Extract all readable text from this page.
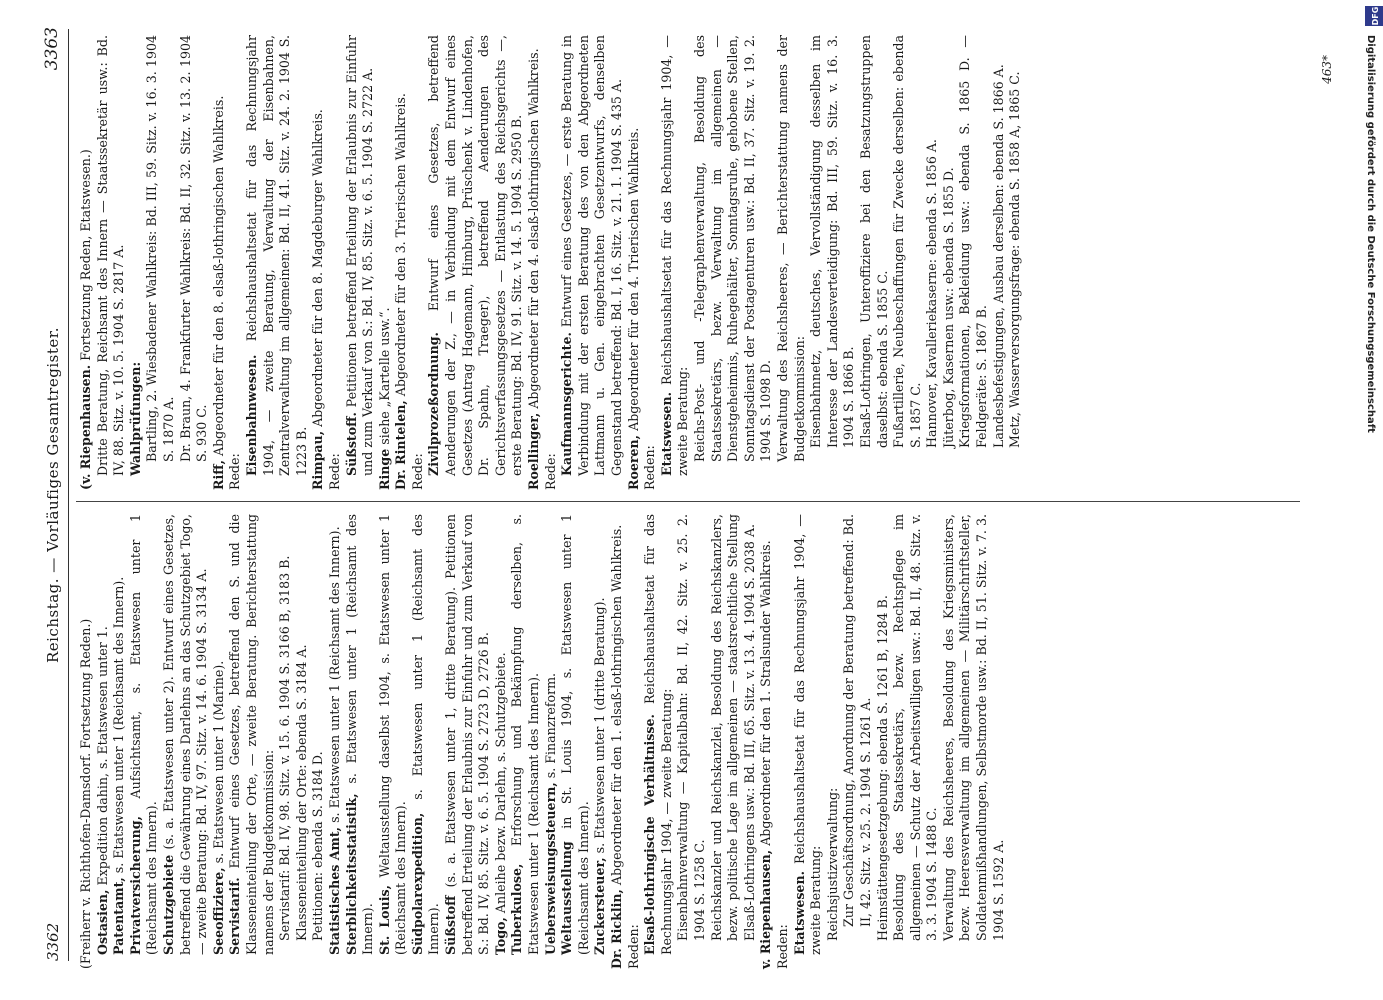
3362
Reichstag. — Vorläufiges Gesamtregister.
3363

(Freiherr v. Richthofen-Damsdorf. Fortsetzung Reden.) Ostasien, Expedition dahin, s. Etatswesen unter 1.

Patentamt, s. Etatswesen unter 1 (Reichsamt des Innern).

Privatversicherung, Aufsichtsamt, s. Etatswesen unter 1 (Reichsamt des Innern). Schutzgebiete (s. a. Etatswesen unter 2). Entwurf eines Gesetzes, betreffend die Gewährung eines Darlehns an das Schutzgebiet Togo, — zweite Beratung: Bd. IV, 97. Sitz. v. 14. 6. 1904 S. 3134 A. Seeoffiziere, s. Etatswesen unter 1 (Marine).

Servistarif. Entwurf eines Gesetzes, betreffend den S. und die Klasseneinteilung der Orte, — zweite Beratung. Berichterstattung namens der Budgetkommission: Servistarif: Bd. IV, 98. Sitz. v. 15. 6. 1904 S. 3166 B, 3183 B. Klasseneinteilung der Orte: ebenda S. 3184 A. Petitionen: ebenda S. 3184 D. Statistisches Amt, s. Etatswesen unter 1 (Reichsamt des Innern).

Sterblichkeitsstatistik, s. Etatswesen unter 1 (Reichsamt des Innern). St. Louis, Weltausstellung daselbst 1904, s. Etatswesen unter 1 (Reichsamt des Innern). Südpolarexpedition, s. Etatswesen unter 1 (Reichsamt des Innern). Süßstoff (s. a. Etatswesen unter 1, dritte Beratung). Petitionen betreffend Erteilung der Erlaubnis zur Einfuhr und zum Verkauf von S.: Bd. IV, 85. Sitz. v. 6. 5. 1904 S. 2723 D, 2726 B. Togo, Anleihe bezw. Darlehn, s. Schutzgebiete. Tuberkulose, Erforschung und Bekämpfung derselben, s. Etatswesen unter 1 (Reichsamt des Innern). Uebersweisungssteuern, s. Finanzreform.

Weltausstellung in St. Louis 1904, s. Etatswesen unter 1 (Reichsamt des Innern). Zuckersteuer, s. Etatswesen unter 1 (dritte Beratung).

Dr. Ricklin, Abgeordneter für den 1. elsaß-lothringischen Wahlkreis.

Reden: Elsaß-lothringische Verhältnisse. Reichshaushaltsetat für das Rechnungsjahr 1904, — zweite Beratung: Eisenbahnverwaltung — Kapitalbahn: Bd. II, 42. Sitz. v. 25. 2. 1904 S. 1258 C. Reichskanzler und Reichskanzlei, Besoldung des Reichskanzlers, bezw. politische Lage im allgemeinen — staatsrechtliche Stellung Elsaß-Lothringens usw.: Bd. III, 65. Sitz. v. 13. 4. 1904 S. 2038 A. v. Riepenhausen, Abgeordneter für den 1. Stralsunder Wahlkreis.

Reden: Etatswesen. Reichshaushaltsetat für das Rechnungsjahr 1904, — zweite Beratung: Reichsjustizverwaltung: Zur Geschäftsordnung, Anordnung der Beratung betreffend: Bd. II, 42. Sitz. v. 25. 2. 1904 S. 1261 A. Heimstättengesetzgebung: ebenda S. 1261 B, 1284 B. Besoldung des Staatssekretärs, bezw. Rechtspflege im allgemeinen — Schutz der Arbeitswilligen usw.: Bd. II, 48. Sitz. v. 3. 3. 1904 S. 1488 C. Verwaltung des Reichsheeres, Besoldung des Kriegsministers, bezw. Heeresverwaltung im allgemeinen — Militärschriftsteller, Soldatenmißhandlungen, Selbstmorde usw.: Bd. II, 51. Sitz. v. 7. 3. 1904 S. 1592 A.

(v. Riepenhausen. Fortsetzung Reden, Etatswesen.) Dritte Beratung, Reichsamt des Innern — Staatssekretär usw.: Bd. IV, 88. Sitz. v. 10. 5. 1904 S. 2817 A. Wahlprüfungen: Bartling, 2. Wiesbadener Wahlkreis: Bd. III, 59. Sitz. v. 16. 3. 1904 S. 1870 A. Dr. Braun, 4. Frankfurter Wahlkreis: Bd. II, 32. Sitz. v. 13. 2. 1904 S. 930 C.

Riff, Abgeordneter für den 8. elsaß-lothringischen Wahlkreis.

Rede: Eisenbahnwesen. Reichshaushaltsetat für das Rechnungsjahr 1904, — zweite Beratung, Verwaltung der Eisenbahnen, Zentralverwaltung im allgemeinen: Bd. II, 41. Sitz. v. 24. 2. 1904 S. 1223 B. Rimpau, Abgeordneter für den 8. Magdeburger Wahlkreis.

Rede: Süßstoff. Petitionen betreffend Erteilung der Erlaubnis zur Einfuhr und zum Verkauf von S.: Bd. IV, 85. Sitz. v. 6. 5. 1904 S. 2722 A. Ringe siehe „Kartelle usw.“.

Dr. Rintelen, Abgeordneter für den 3. Trierischen Wahlkreis.

Rede: Zivilprozeßordnung. Entwurf eines Gesetzes, betreffend Aenderungen der Z., — in Verbindung mit dem Entwurf eines Gesetzes (Antrag Hagemann, Himburg, Prüschenk v. Lindenhofen, Dr. Spahn, Traeger), betreffend Aenderungen des Gerichtsverfassungsgesetzes — Entlastung des Reichsgerichts —, erste Beratung: Bd. IV, 91. Sitz. v. 14. 5. 1904 S. 2950 B. Roellinger, Abgeordneter für den 4. elsaß-lothringischen Wahlkreis.

Rede: Kaufmannsgerichte. Entwurf eines Gesetzes, — erste Beratung in Verbindung mit der ersten Beratung des von den Abgeordneten Lattmann u. Gen. eingebrachten Gesetzentwurfs, denselben Gegenstand betreffend: Bd. I, 16. Sitz. v. 21. 1. 1904 S. 435 A. Roeren, Abgeordneter für den 4. Trierischen Wahlkreis.

Reden: Etatswesen. Reichshaushaltsetat für das Rechnungsjahr 1904, — zweite Beratung: Reichs-Post- und -Telegraphenverwaltung, Besoldung des Staatssekretärs, bezw. Verwaltung im allgemeinen — Dienstgeheimnis, Ruhegehälter, Sonntagsruhe, gehobene Stellen, Sonntagsdienst der Postagenturen usw.: Bd. II, 37. Sitz. v. 19. 2. 1904 S. 1098 D. Verwaltung des Reichsheeres, — Berichterstattung namens der Budgetkommission: Eisenbahnnetz, deutsches, Vervollständigung desselben im Interesse der Landesverteidigung: Bd. III, 59. Sitz. v. 16. 3. 1904 S. 1866 B. Elsaß-Lothringen, Unteroffiziere bei den Besatzungstruppen daselbst: ebenda S. 1855 C. Fußartillerie, Neubeschaffungen für Zwecke derselben: ebenda S. 1857 C. Hannover, Kavalleriekaserne: ebenda S. 1856 A. Jüterbog, Kasernen usw.: ebenda S. 1855 D. Kriegsformationen, Bekleidung usw.: ebenda S. 1865 D. — Feldgeräte: S. 1867 B. Landesbefestigungen, Ausbau derselben: ebenda S. 1866 A. Metz, Wasserversorgungsfrage: ebenda S. 1858 A, 1865 C.

463*
DFG
Digitalisierung gefördert durch die Deutsche Forschungsgemeinschaft
